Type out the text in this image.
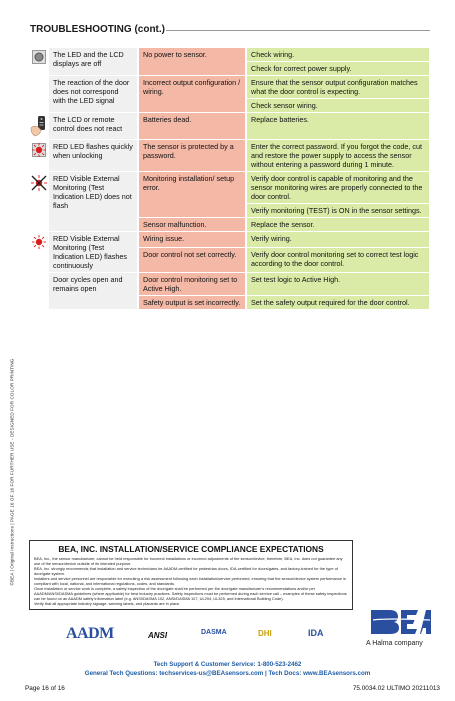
©BEA | Original Instructions | PAGE 16 OF 16 FOR FURTHER USE - DESIGNED FOR COLOR PRINTING
TROUBLESHOOTING (cont.)
	The LED and the LCD displays are off	No power to sensor.	Check wiring.
			Check for correct power supply.
	The reaction of the door does not correspond with the LED signal	Incorrect output configuration / wiring.	Ensure that the sensor output configuration matches what the door control is expecting.
			Check sensor wiring.
	The LCD or remote control does not react	Batteries dead.	Replace batteries.
	RED LED flashes quickly when unlocking	The sensor is protected by a password.	Enter the correct password. If you forgot the code, cut and restore the power supply to access the sensor without entering a password during 1 minute.
	RED Visible External Monitoring (Test Indication LED) does not flash	Monitoring installation/ setup error.	Verify door control is capable of monitoring and the sensor monitoring wires are properly connected to the door control.
			Verify monitoring (TEST) is ON in the sensor settings.
		Sensor malfunction.	Replace the sensor.
	RED Visible External Monitoring (Test Indication LED) flashes continuously	Wiring issue.	Verify wiring.
		Door control not set correctly.	Verify door control monitoring set to correct test logic according to the door control.
	Door cycles open and remains open	Door control monitoring set to Active High.	Set test logic to Active High.
		Safety output is set incorrectly.	Set the safety output required for the door control.
BEA, INC. INSTALLATION/SERVICE COMPLIANCE EXPECTATIONS
BEA, Inc., the sensor manufacturer, cannot be held responsible for incorrect installations or incorrect adjustments of the sensor/device; therefore, BEA, Inc. does not guarantee any use of the sensor/device outside of its intended purpose.
BEA, Inc. strongly recommends that installation and service technicians be AAADM-certified for pedestrian doors, IDA-certified for doors/gates, and factory-trained for the type of door/gate system.
Installers and service personnel are responsible for executing a risk assessment following each installation/service performed, ensuring that the sensor/device system performance is compliant with local, national, and international regulations, codes, and standards.
Once installation or service work is complete, a safety inspection of the door/gate shall be performed per the door/gate manufacturer's recommendations and/or per AAADM/ANSI/DASMA guidelines (where applicable) for best industry practices. Safety inspections must be performed during each service call – examples of these safety inspections can be found on an AAADM safety information label (e.g. ANSI/DASMA 102, ANSI/DASMA 107, UL294, UL325, and International Building Code).
Verify that all appropriate industry signage, warning labels, and placards are in place.
AADM	ANSI	DASMA	DHI	IDA
A Halma company
Tech Support & Customer Service: 1-800-523-2462
General Tech Questions: techservices-us@BEAsensors.com | Tech Docs: www.BEAsensors.com
Page 16 of 16	75.0034.02 ULTIMO 20211013
